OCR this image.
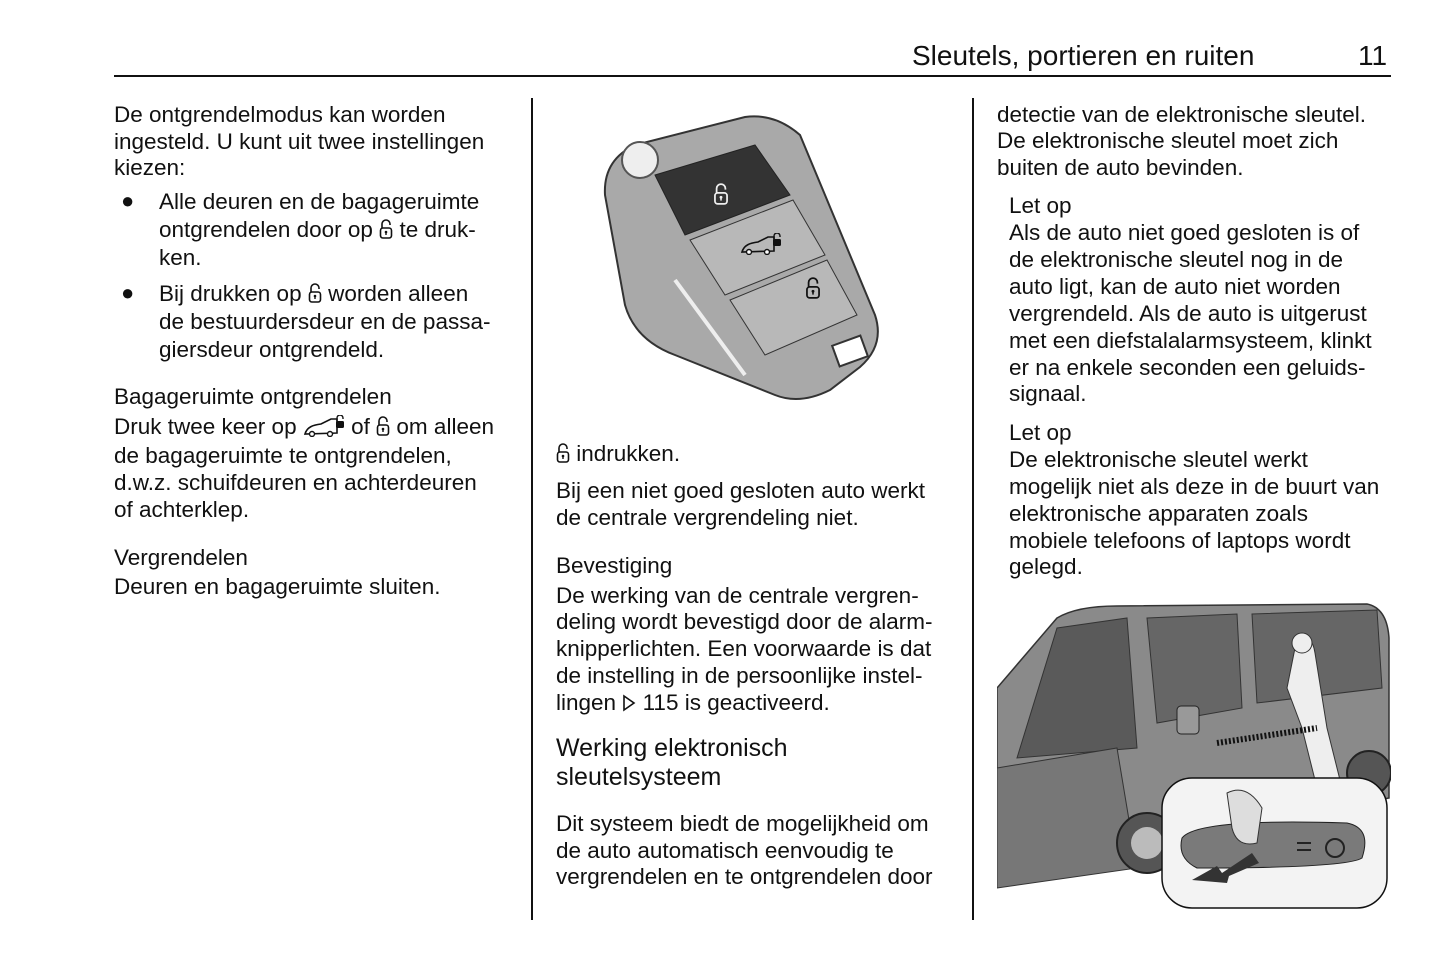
Sleutels, portieren en ruiten	11
De ontgrendelmodus kan worden
ingesteld. U kunt uit twee instellingen
kiezen:
● Alle deuren en de bagageruimte
ontgrendelen door op te druk-
ken.
● Bij drukken op worden alleen
de bestuurdersdeur en de passa-
giersdeur ontgrendeld.
Bagageruimte ontgrendelen
Druk twee keer op of om alleen
de bagageruimte te ontgrendelen,
d.w.z. schuifdeuren en achterdeuren
of achterklep.
Vergrendelen
Deuren en bagageruimte sluiten.
indrukken.
Bij een niet goed gesloten auto werkt
de centrale vergrendeling niet.
Bevestiging
De werking van de centrale vergren-
deling wordt bevestigd door de alarm-
knipperlichten. Een voorwaarde is dat
de instelling in de persoonlijke instel-
lingen 115 is geactiveerd.
Werking elektronisch
sleutelsysteem
Dit systeem biedt de mogelijkheid om
de auto automatisch eenvoudig te
vergrendelen en te ontgrendelen door
detectie van de elektronische sleutel.
De elektronische sleutel moet zich
buiten de auto bevinden.
Let op
Als de auto niet goed gesloten is of
de elektronische sleutel nog in de
auto ligt, kan de auto niet worden
vergrendeld. Als de auto is uitgerust
met een diefstalalarmsysteem, klinkt
er na enkele seconden een geluids-
signaal.
Let op
De elektronische sleutel werkt
mogelijk niet als deze in de buurt van
elektronische apparaten zoals
mobiele telefoons of laptops wordt
gelegd.
